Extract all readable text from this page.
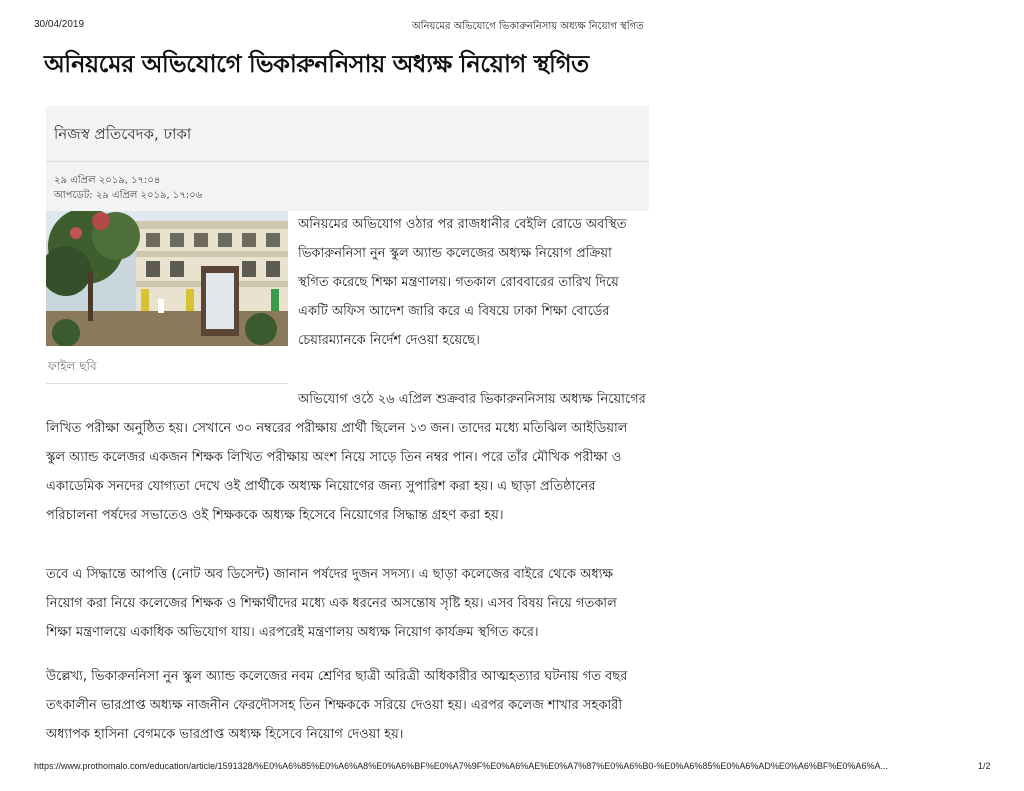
30/04/2019	অনিয়মের অভিযোগে ভিকারুননিসায় অধ্যক্ষ নিয়োগ স্থগিত
অনিয়মের অভিযোগে ভিকারুননিসায় অধ্যক্ষ নিয়োগ স্থগিত
নিজস্ব প্রতিবেদক, ঢাকা
২৯ এপ্রিল ২০১৯, ১৭:০৪
আপডেট: ২৯ এপ্রিল ২০১৯, ১৭:০৬
ফাইল ছবি
অনিয়মের অভিযোগ ওঠার পর রাজধানীর বেইলি রোডে অবস্থিত
ভিকারুননিসা নুন স্কুল অ্যান্ড কলেজের অধ্যক্ষ নিয়োগ প্রক্রিয়া
স্থগিত করেছে শিক্ষা মন্ত্রণালয়। গতকাল রোববারের তারিখ দিয়ে
একটি অফিস আদেশ জারি করে এ বিষয়ে ঢাকা শিক্ষা বোর্ডের
চেয়ারম্যানকে নির্দেশ দেওয়া হয়েছে।
অভিযোগ ওঠে ২৬ এপ্রিল শুক্রবার ভিকারুননিসায় অধ্যক্ষ নিয়োগের
লিখিত পরীক্ষা অনুষ্ঠিত হয়। সেখানে ৩০ নম্বরের পরীক্ষায় প্রার্থী ছিলেন ১৩ জন। তাদের মধ্যে মতিঝিল আইডিয়াল
স্কুল অ্যান্ড কলেজর একজন শিক্ষক লিখিত পরীক্ষায় অংশ নিয়ে সাড়ে তিন নম্বর পান। পরে তাঁর মৌখিক পরীক্ষা ও
একাডেমিক সনদের যোগ্যতা দেখে ওই প্রার্থীকে অধ্যক্ষ নিয়োগের জন্য সুপারিশ করা হয়। এ ছাড়া প্রতিষ্ঠানের
পরিচালনা পর্ষদের সভাতেও ওই শিক্ষককে অধ্যক্ষ হিসেবে নিয়োগের সিদ্ধান্ত গ্রহণ করা হয়।
তবে এ সিদ্ধান্তে আপত্তি (নোট অব ডিসেন্ট) জানান পর্ষদের দুজন সদস্য। এ ছাড়া কলেজের বাইরে থেকে অধ্যক্ষ
নিয়োগ করা নিয়ে কলেজের শিক্ষক ও শিক্ষার্থীদের মধ্যে এক ধরনের অসন্তোষ সৃষ্টি হয়। এসব বিষয় নিয়ে গতকাল
শিক্ষা মন্ত্রণালয়ে একাধিক অভিযোগ যায়। এরপরেই মন্ত্রণালয় অধ্যক্ষ নিয়োগ কার্যক্রম স্থগিত করে।
উল্লেখ্য, ভিকারুননিসা নুন স্কুল অ্যান্ড কলেজের নবম শ্রেণির ছাত্রী অরিত্রী অধিকারীর আত্মহত্যার ঘটনায় গত বছর
তৎকালীন ভারপ্রাপ্ত অধ্যক্ষ নাজনীন ফেরদৌসসহ তিন শিক্ষককে সরিয়ে দেওয়া হয়। এরপর কলেজ শাখার সহকারী
অধ্যাপক হাসিনা বেগমকে ভারপ্রাপ্ত অধ্যক্ষ হিসেবে নিয়োগ দেওয়া হয়।
https://www.prothomalo.com/education/article/1591328/%E0%A6%85%E0%A6%A8%E0%A6%BF%E0%A7%9F%E0%A6%AE%E0%A7%87%E0%A6%B0-%E0%A6%85%E0%A6%AD%E0%A6%BF%E0%A6%A...	1/2
